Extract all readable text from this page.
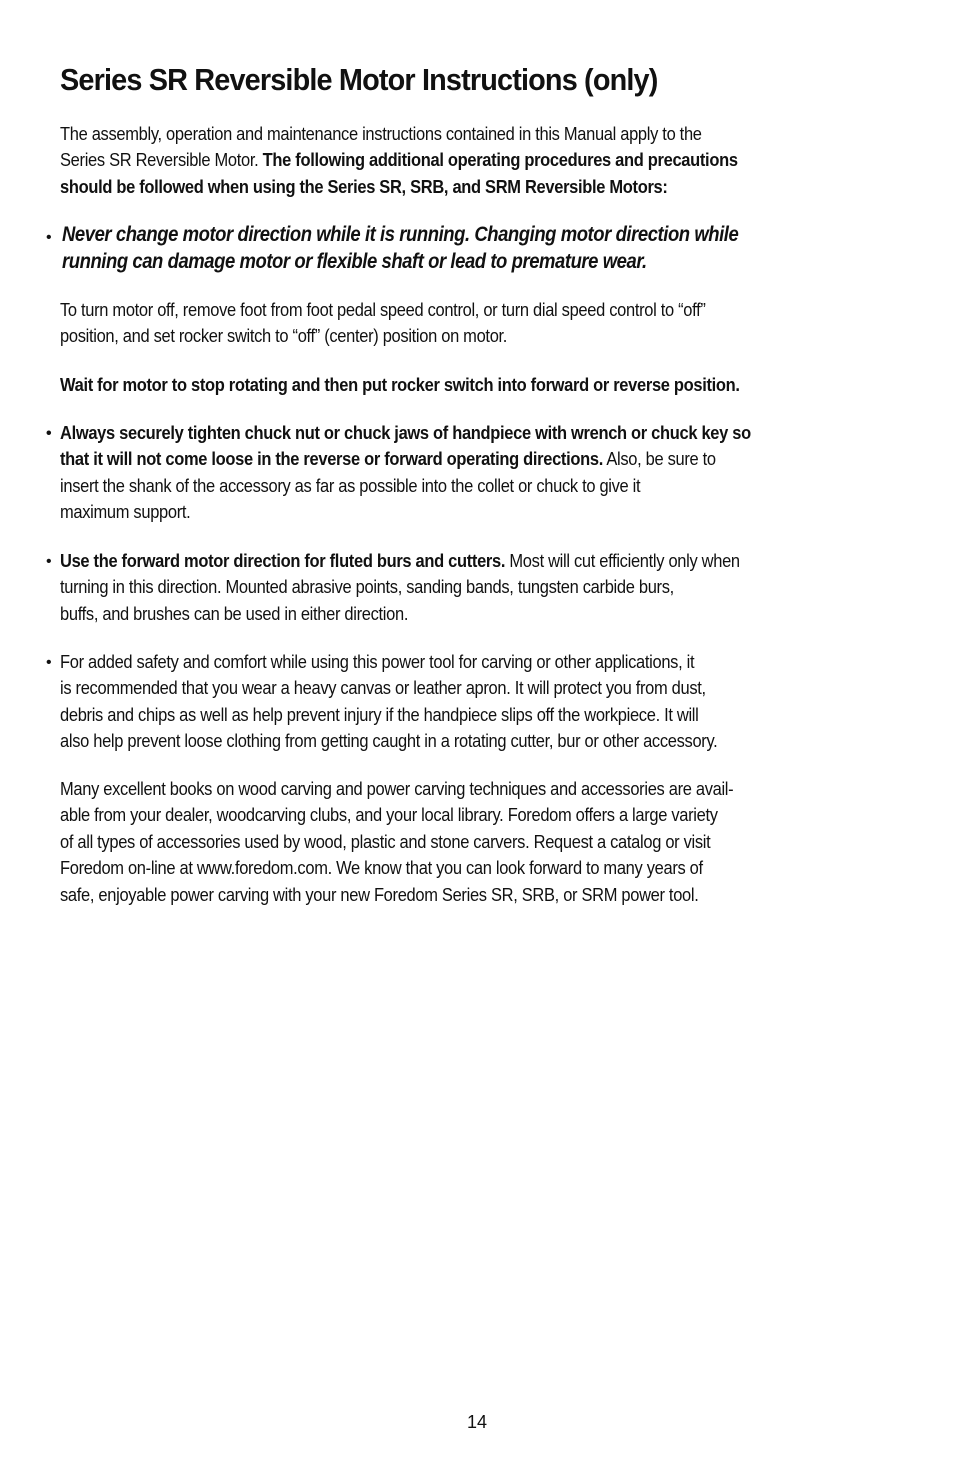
Series SR Reversible Motor Instructions (only)
The assembly, operation and maintenance instructions contained in this Manual apply to the
Series SR Reversible Motor. The following additional operating procedures and precautions
should be followed when using the Series SR, SRB, and SRM Reversible Motors:
• Never change motor direction while it is running. Changing motor direction while
running can damage motor or flexible shaft or lead to premature wear.
To turn motor off, remove foot from foot pedal speed control, or turn dial speed control to “off”
position, and set rocker switch to “off” (center) position on motor.
Wait for motor to stop rotating and then put rocker switch into forward or reverse position.
• Always securely tighten chuck nut or chuck jaws of handpiece with wrench or chuck key so
that it will not come loose in the reverse or forward operating directions. Also, be sure to
insert the shank of the accessory as far as possible into the collet or chuck to give it
maximum support.
• Use the forward motor direction for fluted burs and cutters. Most will cut efficiently only when
turning in this direction. Mounted abrasive points, sanding bands, tungsten carbide burs,
buffs, and brushes can be used in either direction.
• For added safety and comfort while using this power tool for carving or other applications, it
is recommended that you wear a heavy canvas or leather apron. It will protect you from dust,
debris and chips as well as help prevent injury if the handpiece slips off the workpiece. It will
also help prevent loose clothing from getting caught in a rotating cutter, bur or other accessory.
Many excellent books on wood carving and power carving techniques and accessories are avail-
able from your dealer, woodcarving clubs, and your local library. Foredom offers a large variety
of all types of accessories used by wood, plastic and stone carvers. Request a catalog or visit
Foredom on-line at www.foredom.com. We know that you can look forward to many years of
safe, enjoyable power carving with your new Foredom Series SR, SRB, or SRM power tool.
14
